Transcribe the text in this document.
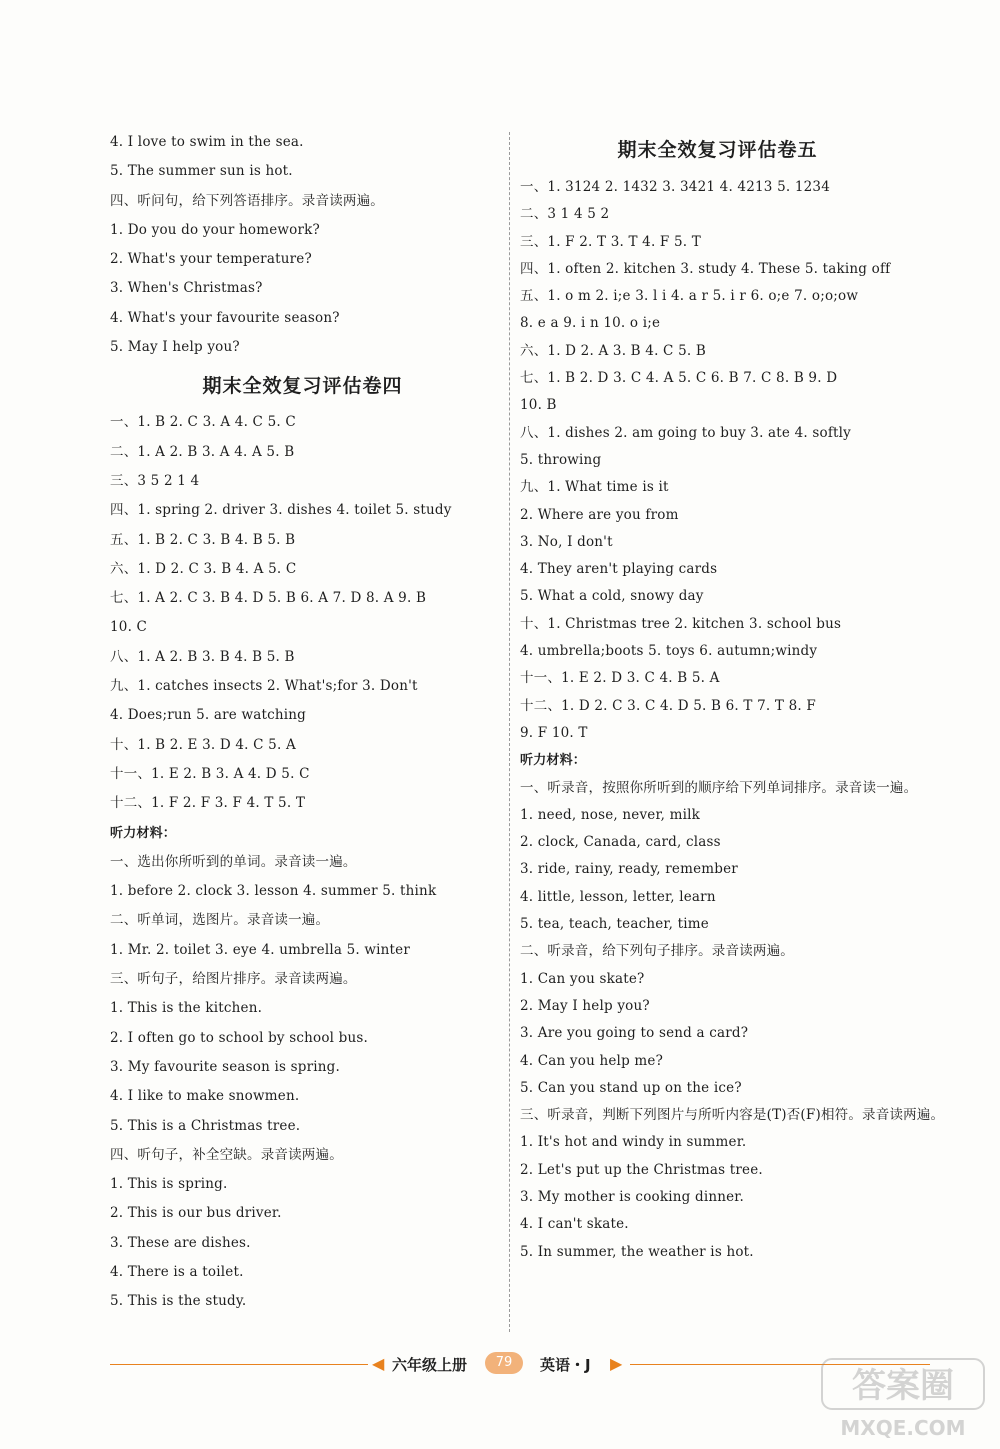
4. I love to swim in the sea.
5. The summer sun is hot.
四、听问句，给下列答语排序。录音读两遍。
1. Do you do your homework?
2. What's your temperature?
3. When's Christmas?
4. What's your favourite season?
5. May I help you?
期末全效复习评估卷四
一、1. B 2. C 3. A 4. C 5. C
二、1. A 2. B 3. A 4. A 5. B
三、3 5 2 1 4
四、1. spring 2. driver 3. dishes 4. toilet 5. study
五、1. B 2. C 3. B 4. B 5. B
六、1. D 2. C 3. B 4. A 5. C
七、1. A 2. C 3. B 4. D 5. B 6. A 7. D 8. A 9. B
10. C
八、1. A 2. B 3. B 4. B 5. B
九、1. catches insects 2. What's;for 3. Don't
4. Does;run 5. are watching
十、1. B 2. E 3. D 4. C 5. A
十一、1. E 2. B 3. A 4. D 5. C
十二、1. F 2. F 3. F 4. T 5. T
听力材料：
一、选出你所听到的单词。录音读一遍。
1. before 2. clock 3. lesson 4. summer 5. think
二、听单词，选图片。录音读一遍。
1. Mr. 2. toilet 3. eye 4. umbrella 5. winter
三、听句子，给图片排序。录音读两遍。
1. This is the kitchen.
2. I often go to school by school bus.
3. My favourite season is spring.
4. I like to make snowmen.
5. This is a Christmas tree.
四、听句子，补全空缺。录音读两遍。
1. This is spring.
2. This is our bus driver.
3. These are dishes.
4. There is a toilet.
5. This is the study.
期末全效复习评估卷五
一、1. 3124 2. 1432 3. 3421 4. 4213 5. 1234
二、3 1 4 5 2
三、1. F 2. T 3. T 4. F 5. T
四、1. often 2. kitchen 3. study 4. These 5. taking off
五、1. o m 2. i;e 3. l i 4. a r 5. i r 6. o;e 7. o;o;ow
8. e a 9. i n 10. o i;e
六、1. D 2. A 3. B 4. C 5. B
七、1. B 2. D 3. C 4. A 5. C 6. B 7. C 8. B 9. D
10. B
八、1. dishes 2. am going to buy 3. ate 4. softly
5. throwing
九、1. What time is it
2. Where are you from
3. No, I don't
4. They aren't playing cards
5. What a cold, snowy day
十、1. Christmas tree 2. kitchen 3. school bus
4. umbrella;boots 5. toys 6. autumn;windy
十一、1. E 2. D 3. C 4. B 5. A
十二、1. D 2. C 3. C 4. D 5. B 6. T 7. T 8. F
9. F 10. T
听力材料：
一、听录音，按照你所听到的顺序给下列单词排序。录音读一遍。
1. need, nose, never, milk
2. clock, Canada, card, class
3. ride, rainy, ready, remember
4. little, lesson, letter, learn
5. tea, teach, teacher, time
二、听录音，给下列句子排序。录音读两遍。
1. Can you skate?
2. May I help you?
3. Are you going to send a card?
4. Can you help me?
5. Can you stand up on the ice?
三、听录音，判断下列图片与所听内容是(T)否(F)相符。录音读两遍。
1. It's hot and windy in summer.
2. Let's put up the Christmas tree.
3. My mother is cooking dinner.
4. I can't skate.
5. In summer, the weather is hot.
◀ 六年级上册	79	英语・J ▶
答案圈
MXQE.COM
